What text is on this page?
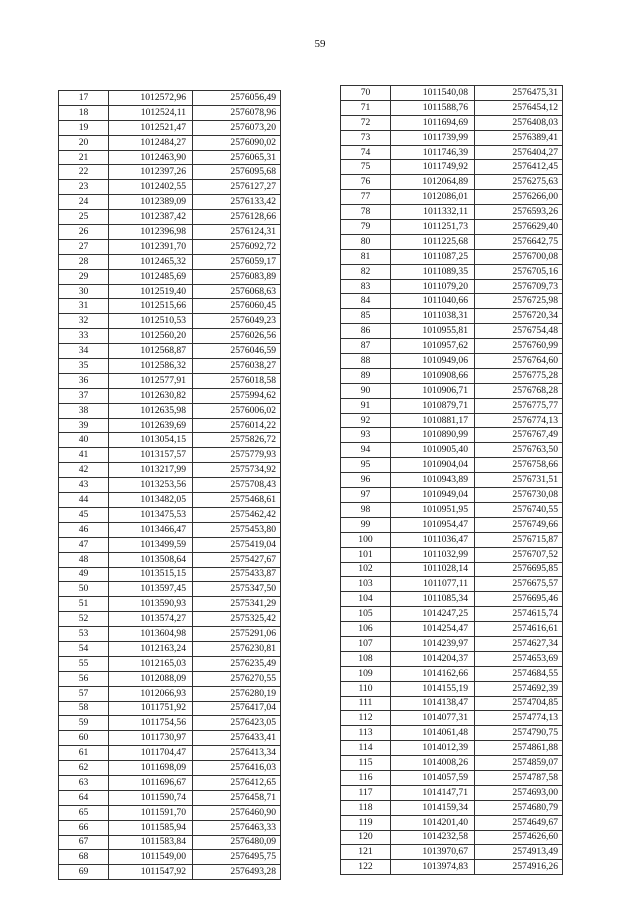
59
17	1012572,96	2576056,49
18	1012524,11	2576078,96
19	1012521,47	2576073,20
20	1012484,27	2576090,02
21	1012463,90	2576065,31
22	1012397,26	2576095,68
23	1012402,55	2576127,27
24	1012389,09	2576133,42
25	1012387,42	2576128,66
26	1012396,98	2576124,31
27	1012391,70	2576092,72
28	1012465,32	2576059,17
29	1012485,69	2576083,89
30	1012519,40	2576068,63
31	1012515,66	2576060,45
32	1012510,53	2576049,23
33	1012560,20	2576026,56
34	1012568,87	2576046,59
35	1012586,32	2576038,27
36	1012577,91	2576018,58
37	1012630,82	2575994,62
38	1012635,98	2576006,02
39	1012639,69	2576014,22
40	1013054,15	2575826,72
41	1013157,57	2575779,93
42	1013217,99	2575734,92
43	1013253,56	2575708,43
44	1013482,05	2575468,61
45	1013475,53	2575462,42
46	1013466,47	2575453,80
47	1013499,59	2575419,04
48	1013508,64	2575427,67
49	1013515,15	2575433,87
50	1013597,45	2575347,50
51	1013590,93	2575341,29
52	1013574,27	2575325,42
53	1013604,98	2575291,06
54	1012163,24	2576230,81
55	1012165,03	2576235,49
56	1012088,09	2576270,55
57	1012066,93	2576280,19
58	1011751,92	2576417,04
59	1011754,56	2576423,05
60	1011730,97	2576433,41
61	1011704,47	2576413,34
62	1011698,09	2576416,03
63	1011696,67	2576412,65
64	1011590,74	2576458,71
65	1011591,70	2576460,90
66	1011585,94	2576463,33
67	1011583,84	2576480,09
68	1011549,00	2576495,75
69	1011547,92	2576493,28
70	1011540,08	2576475,31
71	1011588,76	2576454,12
72	1011694,69	2576408,03
73	1011739,99	2576389,41
74	1011746,39	2576404,27
75	1011749,92	2576412,45
76	1012064,89	2576275,63
77	1012086,01	2576266,00
78	1011332,11	2576593,26
79	1011251,73	2576629,40
80	1011225,68	2576642,75
81	1011087,25	2576700,08
82	1011089,35	2576705,16
83	1011079,20	2576709,73
84	1011040,66	2576725,98
85	1011038,31	2576720,34
86	1010955,81	2576754,48
87	1010957,62	2576760,99
88	1010949,06	2576764,60
89	1010908,66	2576775,28
90	1010906,71	2576768,28
91	1010879,71	2576775,77
92	1010881,17	2576774,13
93	1010890,99	2576767,49
94	1010905,40	2576763,50
95	1010904,04	2576758,66
96	1010943,89	2576731,51
97	1010949,04	2576730,08
98	1010951,95	2576740,55
99	1010954,47	2576749,66
100	1011036,47	2576715,87
101	1011032,99	2576707,52
102	1011028,14	2576695,85
103	1011077,11	2576675,57
104	1011085,34	2576695,46
105	1014247,25	2574615,74
106	1014254,47	2574616,61
107	1014239,97	2574627,34
108	1014204,37	2574653,69
109	1014162,66	2574684,55
110	1014155,19	2574692,39
111	1014138,47	2574704,85
112	1014077,31	2574774,13
113	1014061,48	2574790,75
114	1014012,39	2574861,88
115	1014008,26	2574859,07
116	1014057,59	2574787,58
117	1014147,71	2574693,00
118	1014159,34	2574680,79
119	1014201,40	2574649,67
120	1014232,58	2574626,60
121	1013970,67	2574913,49
122	1013974,83	2574916,26
